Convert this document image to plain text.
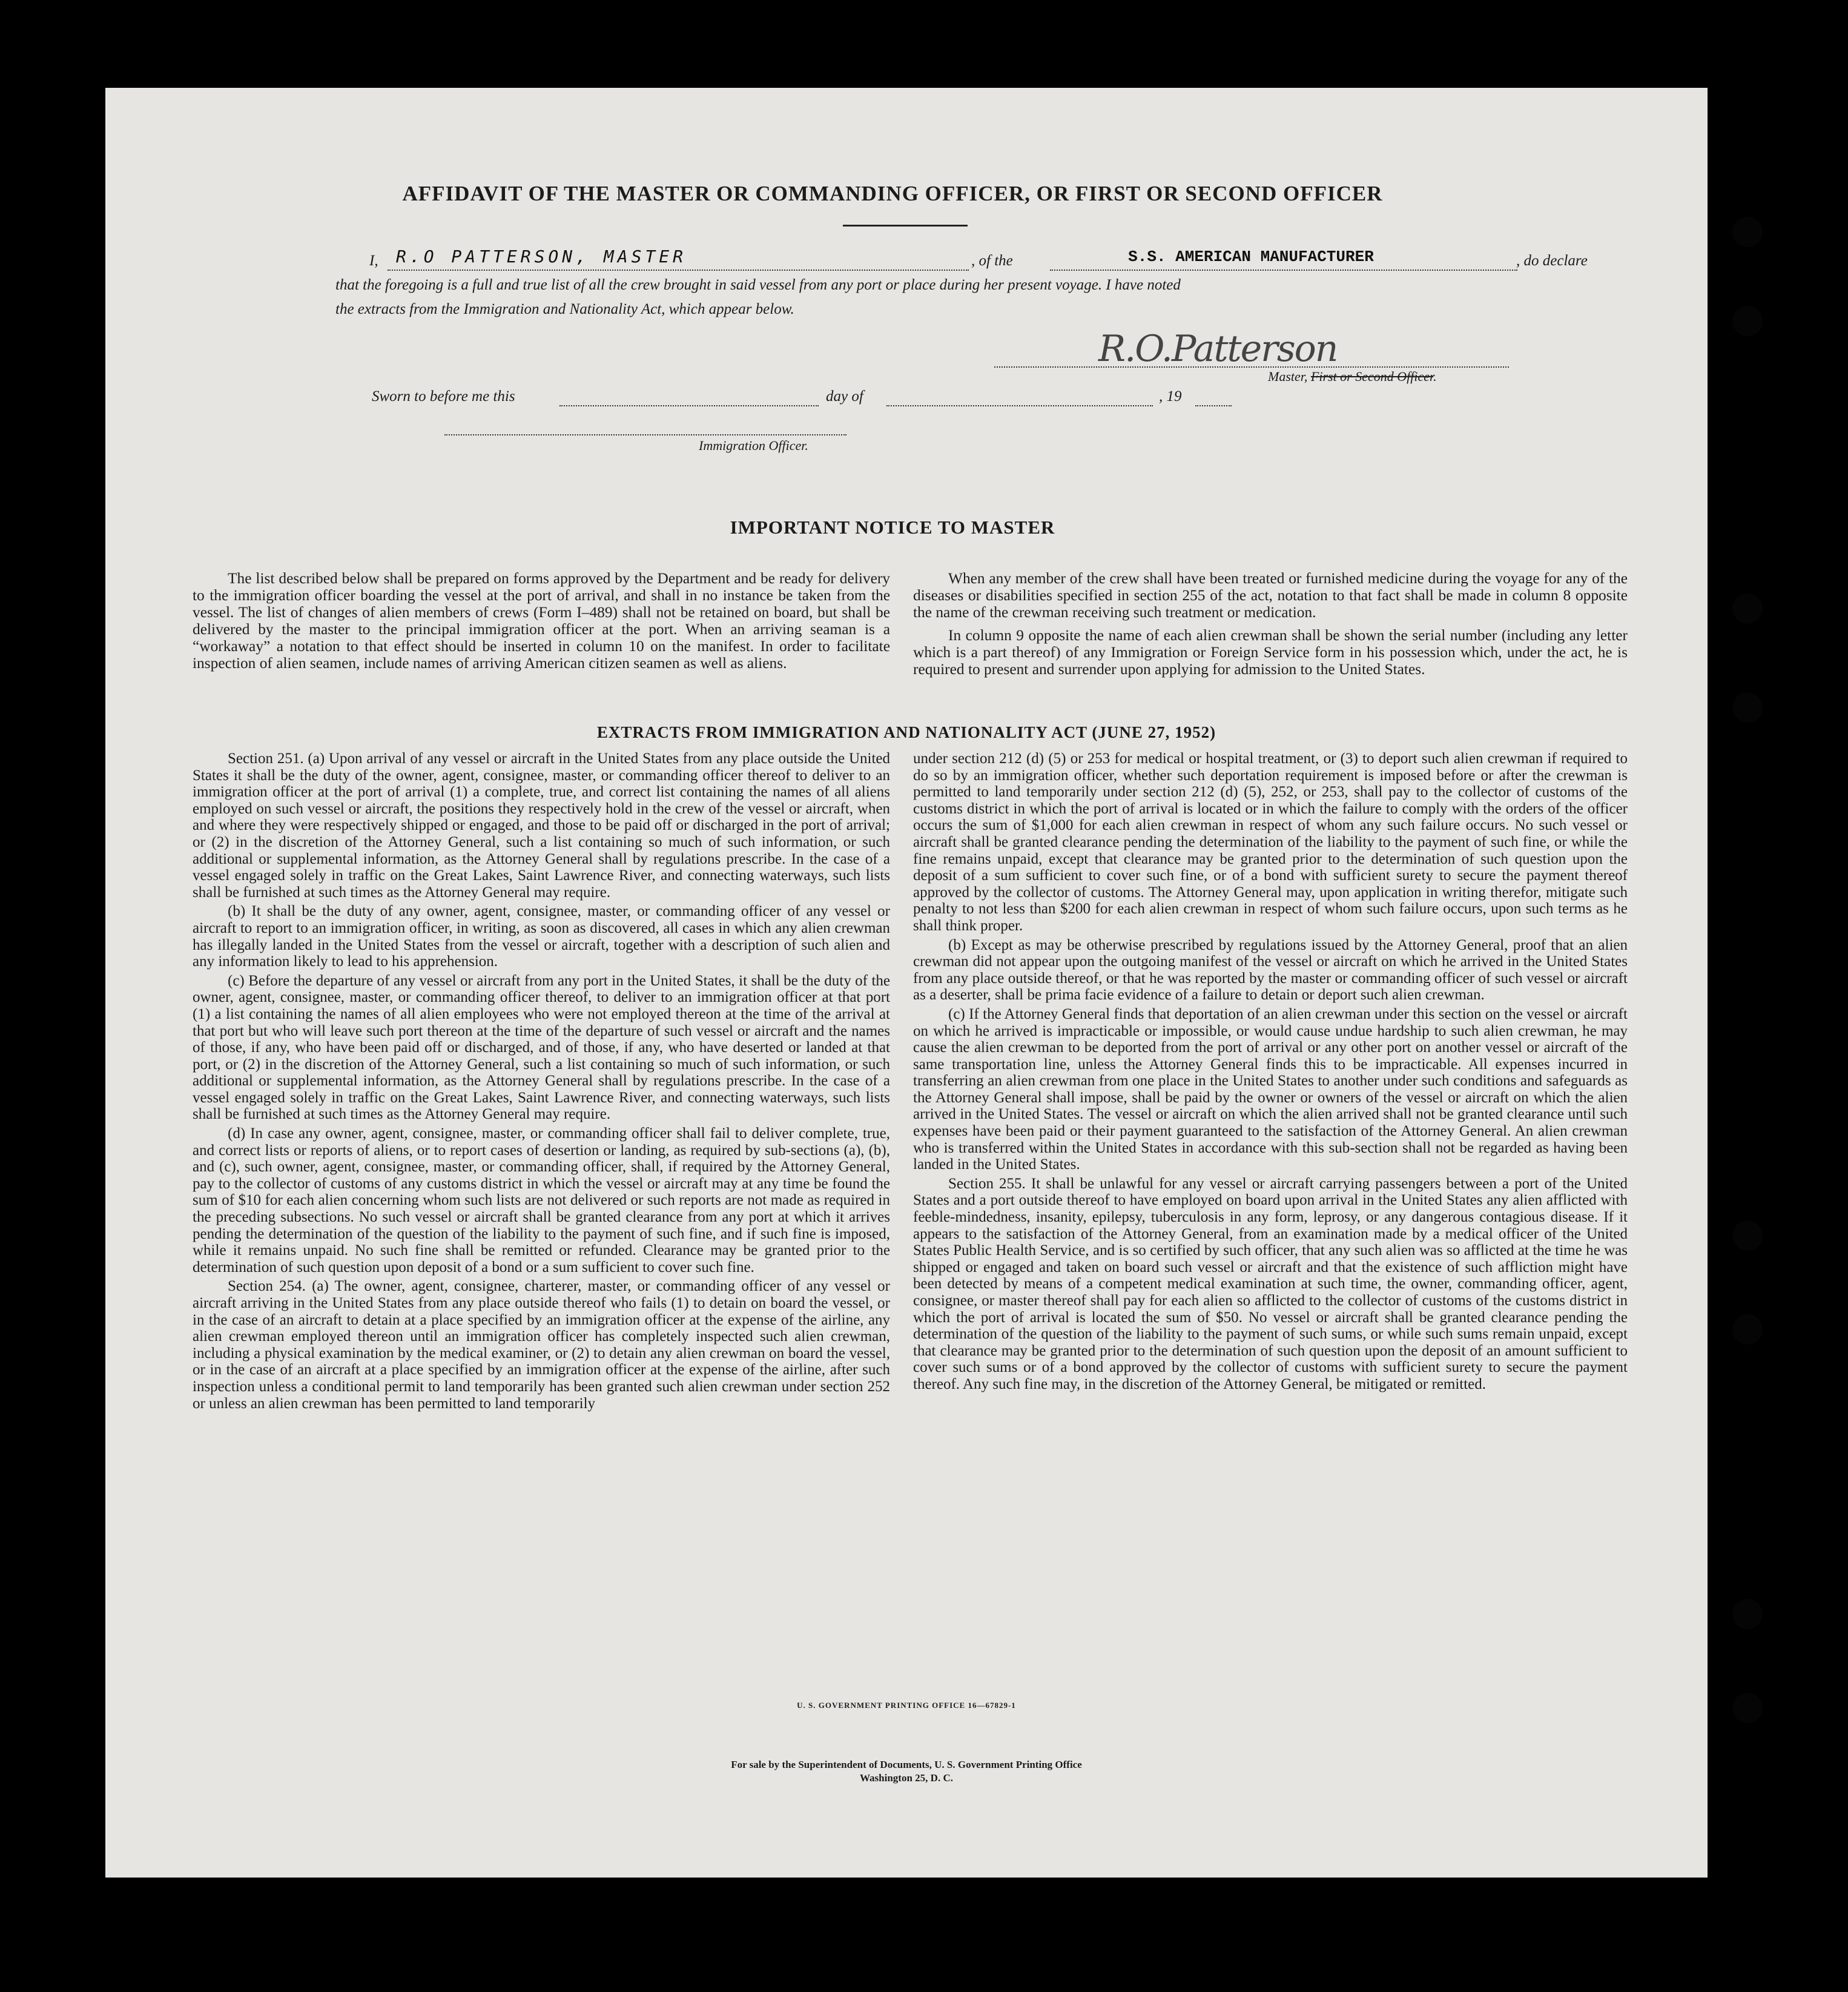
AFFIDAVIT OF THE MASTER OR COMMANDING OFFICER, OR FIRST OR SECOND OFFICER
I, R.O PATTERSON, MASTER	, of the	S.S. AMERICAN MANUFACTURER	, do declare
that the foregoing is a full and true list of all the crew brought in said vessel from any port or place during her present voyage. I have noted
the extracts from the Immigration and Nationality Act, which appear below.
R.O.Patterson
Master, First or Second Officer.
Sworn to before me this	day of	, 19
Immigration Officer.
IMPORTANT NOTICE TO MASTER

The list described below shall be prepared on forms approved by the Department and be ready for delivery to the immigration officer boarding the vessel at the port of arrival, and shall in no instance be taken from the vessel. The list of changes of alien members of crews (Form I–489) shall not be retained on board, but shall be delivered by the master to the principal immigration officer at the port. When an arriving seaman is a “workaway” a notation to that effect should be inserted in column 10 on the manifest. In order to facilitate inspection of alien seamen, include names of arriving American citizen seamen as well as aliens.

When any member of the crew shall have been treated or furnished medicine during the voyage for any of the diseases or disabilities specified in section 255 of the act, notation to that fact shall be made in column 8 opposite the name of the crewman receiving such treatment or medication.

In column 9 opposite the name of each alien crewman shall be shown the serial number (including any letter which is a part thereof) of any Immigration or Foreign Service form in his possession which, under the act, he is required to present and surrender upon applying for admission to the United States.

EXTRACTS FROM IMMIGRATION AND NATIONALITY ACT (JUNE 27, 1952)

Section 251. (a) Upon arrival of any vessel or aircraft in the United States from any place outside the United States it shall be the duty of the owner, agent, consignee, master, or commanding officer thereof to deliver to an immigration officer at the port of arrival (1) a complete, true, and correct list containing the names of all aliens employed on such vessel or aircraft, the positions they respectively hold in the crew of the vessel or aircraft, when and where they were respectively shipped or engaged, and those to be paid off or discharged in the port of arrival; or (2) in the discretion of the Attorney General, such a list containing so much of such information, or such additional or supplemental information, as the Attorney General shall by regulations prescribe. In the case of a vessel engaged solely in traffic on the Great Lakes, Saint Lawrence River, and connecting waterways, such lists shall be furnished at such times as the Attorney General may require.

(b) It shall be the duty of any owner, agent, consignee, master, or commanding officer of any vessel or aircraft to report to an immigration officer, in writing, as soon as discovered, all cases in which any alien crewman has illegally landed in the United States from the vessel or aircraft, together with a description of such alien and any information likely to lead to his apprehension.

(c) Before the departure of any vessel or aircraft from any port in the United States, it shall be the duty of the owner, agent, consignee, master, or commanding officer thereof, to deliver to an immigration officer at that port (1) a list containing the names of all alien employees who were not employed thereon at the time of the arrival at that port but who will leave such port thereon at the time of the departure of such vessel or aircraft and the names of those, if any, who have been paid off or discharged, and of those, if any, who have deserted or landed at that port, or (2) in the discretion of the Attorney General, such a list containing so much of such information, or such additional or supplemental information, as the Attorney General shall by regulations prescribe. In the case of a vessel engaged solely in traffic on the Great Lakes, Saint Lawrence River, and connecting waterways, such lists shall be furnished at such times as the Attorney General may require.

(d) In case any owner, agent, consignee, master, or commanding officer shall fail to deliver complete, true, and correct lists or reports of aliens, or to report cases of desertion or landing, as required by sub-sections (a), (b), and (c), such owner, agent, consignee, master, or commanding officer, shall, if required by the Attorney General, pay to the collector of customs of any customs district in which the vessel or aircraft may at any time be found the sum of $10 for each alien concerning whom such lists are not delivered or such reports are not made as required in the preceding subsections. No such vessel or aircraft shall be granted clearance from any port at which it arrives pending the determination of the question of the liability to the payment of such fine, and if such fine is imposed, while it remains unpaid. No such fine shall be remitted or refunded. Clearance may be granted prior to the determination of such question upon deposit of a bond or a sum sufficient to cover such fine.

Section 254. (a) The owner, agent, consignee, charterer, master, or commanding officer of any vessel or aircraft arriving in the United States from any place outside thereof who fails (1) to detain on board the vessel, or in the case of an aircraft to detain at a place specified by an immigration officer at the expense of the airline, any alien crewman employed thereon until an immigration officer has completely inspected such alien crewman, including a physical examination by the medical examiner, or (2) to detain any alien crewman on board the vessel, or in the case of an aircraft at a place specified by an immigration officer at the expense of the airline, after such inspection unless a conditional permit to land temporarily has been granted such alien crewman under section 252 or unless an alien crewman has been permitted to land temporarily

under section 212 (d) (5) or 253 for medical or hospital treatment, or (3) to deport such alien crewman if required to do so by an immigration officer, whether such deportation requirement is imposed before or after the crewman is permitted to land temporarily under section 212 (d) (5), 252, or 253, shall pay to the collector of customs of the customs district in which the port of arrival is located or in which the failure to comply with the orders of the officer occurs the sum of $1,000 for each alien crewman in respect of whom any such failure occurs. No such vessel or aircraft shall be granted clearance pending the determination of the liability to the payment of such fine, or while the fine remains unpaid, except that clearance may be granted prior to the determination of such question upon the deposit of a sum sufficient to cover such fine, or of a bond with sufficient surety to secure the payment thereof approved by the collector of customs. The Attorney General may, upon application in writing therefor, mitigate such penalty to not less than $200 for each alien crewman in respect of whom such failure occurs, upon such terms as he shall think proper.

(b) Except as may be otherwise prescribed by regulations issued by the Attorney General, proof that an alien crewman did not appear upon the outgoing manifest of the vessel or aircraft on which he arrived in the United States from any place outside thereof, or that he was reported by the master or commanding officer of such vessel or aircraft as a deserter, shall be prima facie evidence of a failure to detain or deport such alien crewman.

(c) If the Attorney General finds that deportation of an alien crewman under this section on the vessel or aircraft on which he arrived is impracticable or impossible, or would cause undue hardship to such alien crewman, he may cause the alien crewman to be deported from the port of arrival or any other port on another vessel or aircraft of the same transportation line, unless the Attorney General finds this to be impracticable. All expenses incurred in transferring an alien crewman from one place in the United States to another under such conditions and safeguards as the Attorney General shall impose, shall be paid by the owner or owners of the vessel or aircraft on which the alien arrived in the United States. The vessel or aircraft on which the alien arrived shall not be granted clearance until such expenses have been paid or their payment guaranteed to the satisfaction of the Attorney General. An alien crewman who is transferred within the United States in accordance with this sub-section shall not be regarded as having been landed in the United States.

Section 255. It shall be unlawful for any vessel or aircraft carrying passengers between a port of the United States and a port outside thereof to have employed on board upon arrival in the United States any alien afflicted with feeble-mindedness, insanity, epilepsy, tuberculosis in any form, leprosy, or any dangerous contagious disease. If it appears to the satisfaction of the Attorney General, from an examination made by a medical officer of the United States Public Health Service, and is so certified by such officer, that any such alien was so afflicted at the time he was shipped or engaged and taken on board such vessel or aircraft and that the existence of such affliction might have been detected by means of a competent medical examination at such time, the owner, commanding officer, agent, consignee, or master thereof shall pay for each alien so afflicted to the collector of customs of the customs district in which the port of arrival is located the sum of $50. No vessel or aircraft shall be granted clearance pending the determination of the question of the liability to the payment of such sums, or while such sums remain unpaid, except that clearance may be granted prior to the determination of such question upon the deposit of an amount sufficient to cover such sums or of a bond approved by the collector of customs with sufficient surety to secure the payment thereof. Any such fine may, in the discretion of the Attorney General, be mitigated or remitted.

U. S. GOVERNMENT PRINTING OFFICE 16—67829-1
For sale by the Superintendent of Documents, U. S. Government Printing Office
Washington 25, D. C.
